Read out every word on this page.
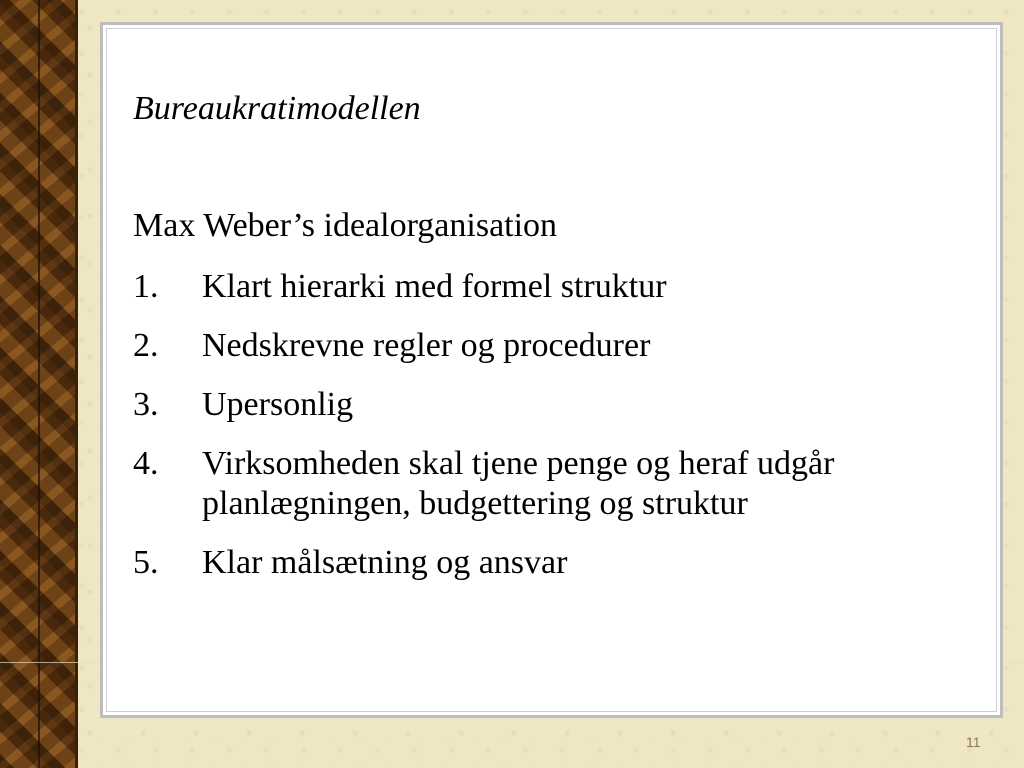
Bureaukratimodellen
Max Weber’s idealorganisation
1.	Klart hierarki med formel struktur
2.	Nedskrevne regler og procedurer
3.	Upersonlig
4.	Virksomheden skal tjene penge og heraf udgår planlægningen, budgettering og struktur
5.	Klar målsætning og ansvar
11
